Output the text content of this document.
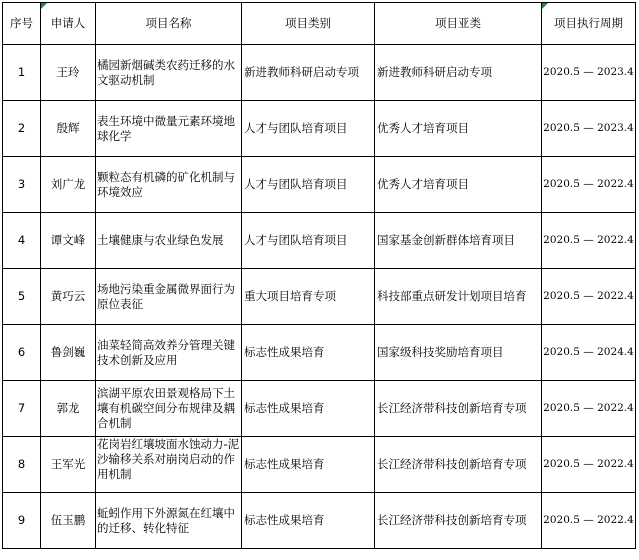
序号	申请人	项目名称	项目类别	项目亚类	项目执行周期
1	王玲	橘园新烟碱类农药迁移的水文驱动机制	新进教师科研启动专项	新进教师科研启动专项	2020.5 — 2023.4
2	殷辉	表生环境中微量元素环境地球化学	人才与团队培育项目	优秀人才培育项目	2020.5 — 2023.4
3	刘广龙	颗粒态有机磷的矿化机制与环境效应	人才与团队培育项目	优秀人才培育项目	2020.5 — 2022.4
4	谭文峰	土壤健康与农业绿色发展	人才与团队培育项目	国家基金创新群体培育项目	2020.5 — 2022.4
5	黄巧云	场地污染重金属微界面行为原位表征	重大项目培育专项	科技部重点研发计划项目培育	2020.5 — 2022.4
6	鲁剑巍	油菜轻简高效养分管理关键技术创新及应用	标志性成果培育	国家级科技奖励培育项目	2020.5 — 2024.4
7	郭龙	滨湖平原农田景观格局下土壤有机碳空间分布规律及耦合机制	标志性成果培育	长江经济带科技创新培育专项	2020.5 — 2022.4
8	王军光	花岗岩红壤坡面水蚀动力-泥沙输移关系对崩岗启动的作用机制	标志性成果培育	长江经济带科技创新培育专项	2020.5 — 2022.4
9	伍玉鹏	蚯蚓作用下外源氮在红壤中的迁移、转化特征	标志性成果培育	长江经济带科技创新培育专项	2020.5 — 2022.4
